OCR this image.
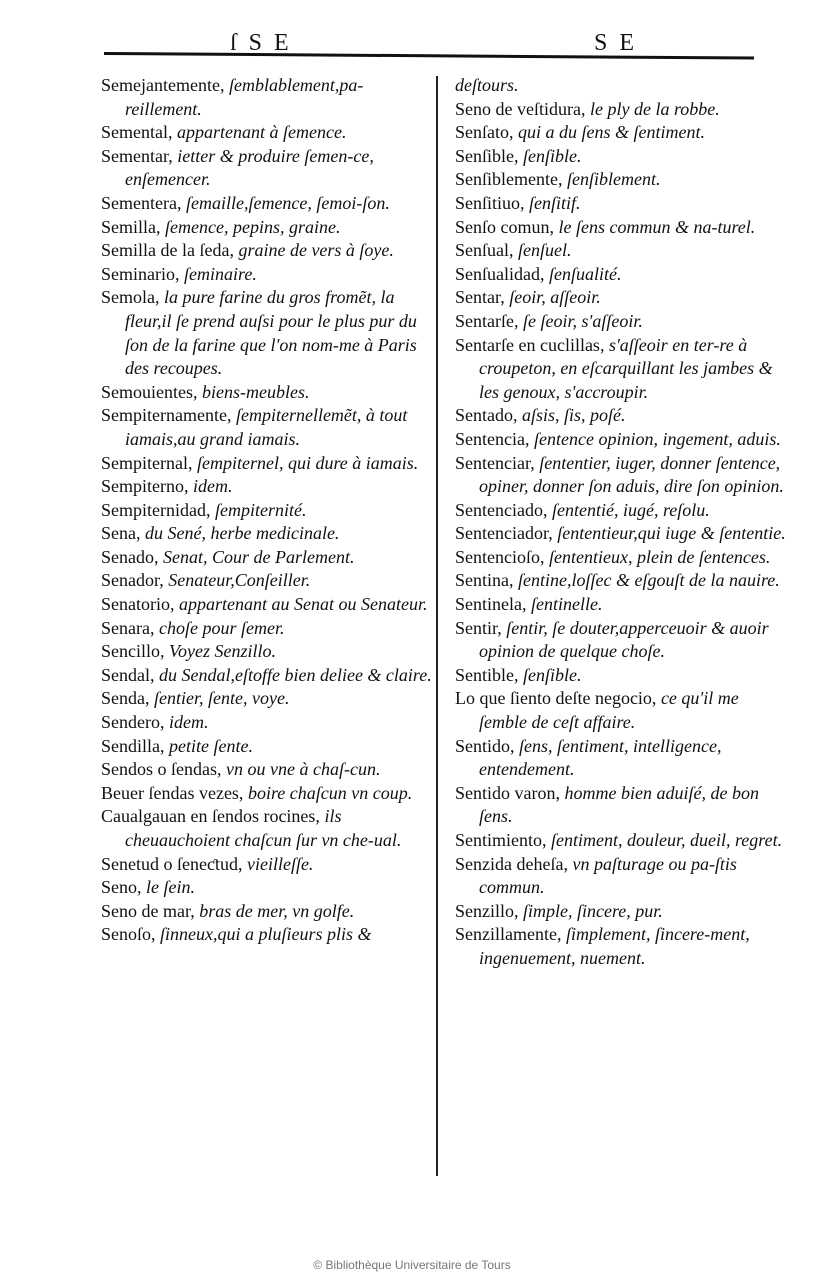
ſ S E	S E

Semejantemente, ſemblablement,pa-reillement.

Semental, appartenant à ſemence.

Sementar, ietter & produire ſemen-ce, enſemencer.

Sementera, ſemaille,ſemence, ſemoi-ſon.

Semilla, ſemence, pepins, graine.

Semilla de la ſeda, graine de vers à ſoye.

Seminario, ſeminaire.

Semola, la pure farine du gros fromẽt, la fleur,il ſe prend auſsi pour le plus pur du ſon de la farine que l'on nom-me à Paris des recoupes.

Semouientes, biens-meubles.

Sempiternamente, ſempiternellemẽt, à tout iamais,au grand iamais.

Sempiternal, ſempiternel, qui dure à iamais.

Sempiterno, idem.

Sempiternidad, ſempiternité.

Sena, du Sené, herbe medicinale.

Senado, Senat, Cour de Parlement.

Senador, Senateur,Conſeiller.

Senatorio, appartenant au Senat ou Senateur.

Senara, choſe pour ſemer.

Sencillo, Voyez Senzillo.

Sendal, du Sendal,eſtoffe bien deliee & claire.

Senda, ſentier, ſente, voye.

Sendero, idem.

Sendilla, petite ſente.

Sendos o ſendas, vn ou vne à chaſ-cun.

Beuer ſendas vezes, boire chaſcun vn coup.

Caualgauan en ſendos rocines, ils cheuauchoient chaſcun ſur vn che-ual.

Senetud o ſeneƈtud, vieilleſſe.

Seno, le ſein.

Seno de mar, bras de mer, vn golfe.

Senoſo, ſinneux,qui a pluſieurs plis &

deſtours.

Seno de veſtidura, le ply de la robbe.

Senſato, qui a du ſens & ſentiment.

Senſible, ſenſible.

Senſiblemente, ſenſiblement.

Senſitiuo, ſenſitif.

Senſo comun, le ſens commun & na-turel.

Senſual, ſenſuel.

Senſualidad, ſenſualité.

Sentar, ſeoir, aſſeoir.

Sentarſe, ſe ſeoir, s'aſſeoir.

Sentarſe en cuclillas, s'aſſeoir en ter-re à croupeton, en eſcarquillant les jambes & les genoux, s'accroupir.

Sentado, aſsis, ſis, poſé.

Sentencia, ſentence opinion, ingement, aduis.

Sentenciar, ſententier, iuger, donner ſentence, opiner, donner ſon aduis, dire ſon opinion.

Sentenciado, ſententié, iugé, reſolu.

Sentenciador, ſententieur,qui iuge & ſententie.

Sentencioſo, ſententieux, plein de ſentences.

Sentina, ſentine,loſſec & eſgouſt de la nauire.

Sentinela, ſentinelle.

Sentir, ſentir, ſe douter,apperceuoir & auoir opinion de quelque choſe.

Sentible, ſenſible.

Lo que ſiento deſte negocio, ce qu'il me ſemble de ceſt affaire.

Sentido, ſens, ſentiment, intelligence, entendement.

Sentido varon, homme bien aduiſé, de bon ſens.

Sentimiento, ſentiment, douleur, dueil, regret.

Senzida deheſa, vn paſturage ou pa-ſtis commun.

Senzillo, ſimple, ſincere, pur.

Senzillamente, ſimplement, ſincere-ment, ingenuement, nuement.

© Bibliothèque Universitaire de Tours
